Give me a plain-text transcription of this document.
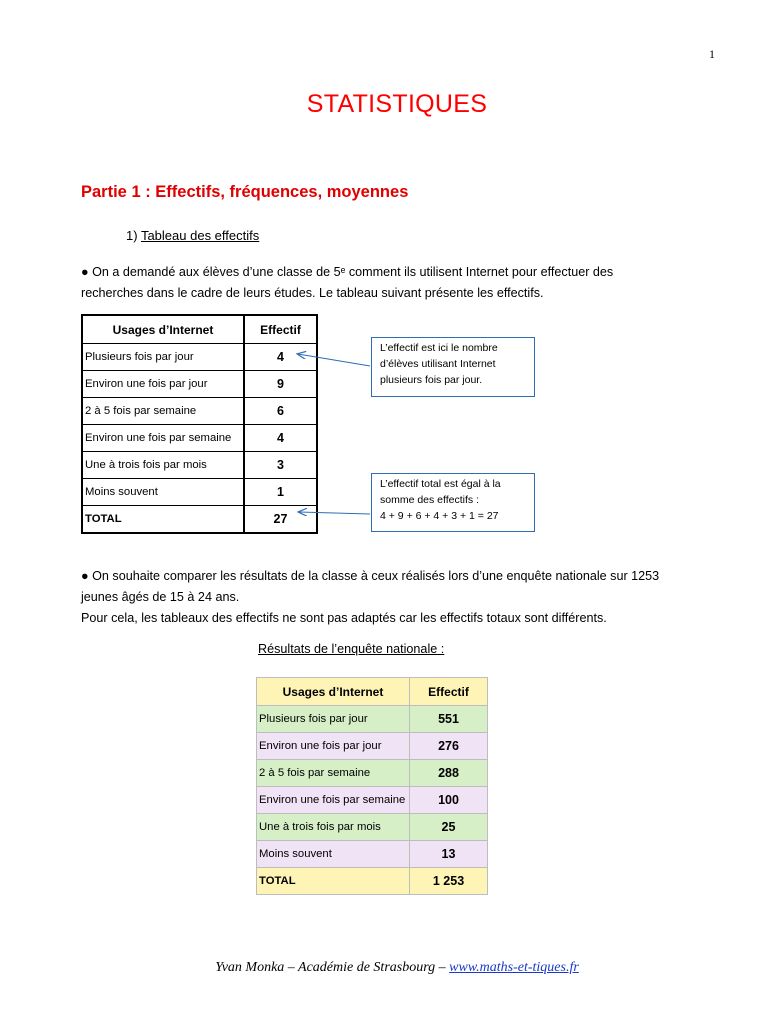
1
STATISTIQUES
Partie 1 : Effectifs, fréquences, moyennes
1) Tableau des effectifs
● On a demandé aux élèves d’une classe de 5ᵉ comment ils utilisent Internet pour effectuer des
recherches dans le cadre de leurs études. Le tableau suivant présente les effectifs.
Usages d’Internet	Effectif
Plusieurs fois par jour	4
Environ une fois par jour	9
2 à 5 fois par semaine	6
Environ une fois par semaine	4
Une à trois fois par mois	3
Moins souvent	1
TOTAL	27
L’effectif est ici le nombre
d’élèves utilisant Internet
plusieurs fois par jour.
L’effectif total est égal à la
somme des effectifs :
4 + 9 + 6 + 4 + 3 + 1 = 27
● On souhaite comparer les résultats de la classe à ceux réalisés lors d’une enquête nationale sur 1253
jeunes âgés de 15 à 24 ans.
Pour cela, les tableaux des effectifs ne sont pas adaptés car les effectifs totaux sont différents.
Résultats de l’enquête nationale :
Usages d’Internet	Effectif
Plusieurs fois par jour	551
Environ une fois par jour	276
2 à 5 fois par semaine	288
Environ une fois par semaine	100
Une à trois fois par mois	25
Moins souvent	13
TOTAL	1 253
Yvan Monka – Académie de Strasbourg – www.maths-et-tiques.fr
